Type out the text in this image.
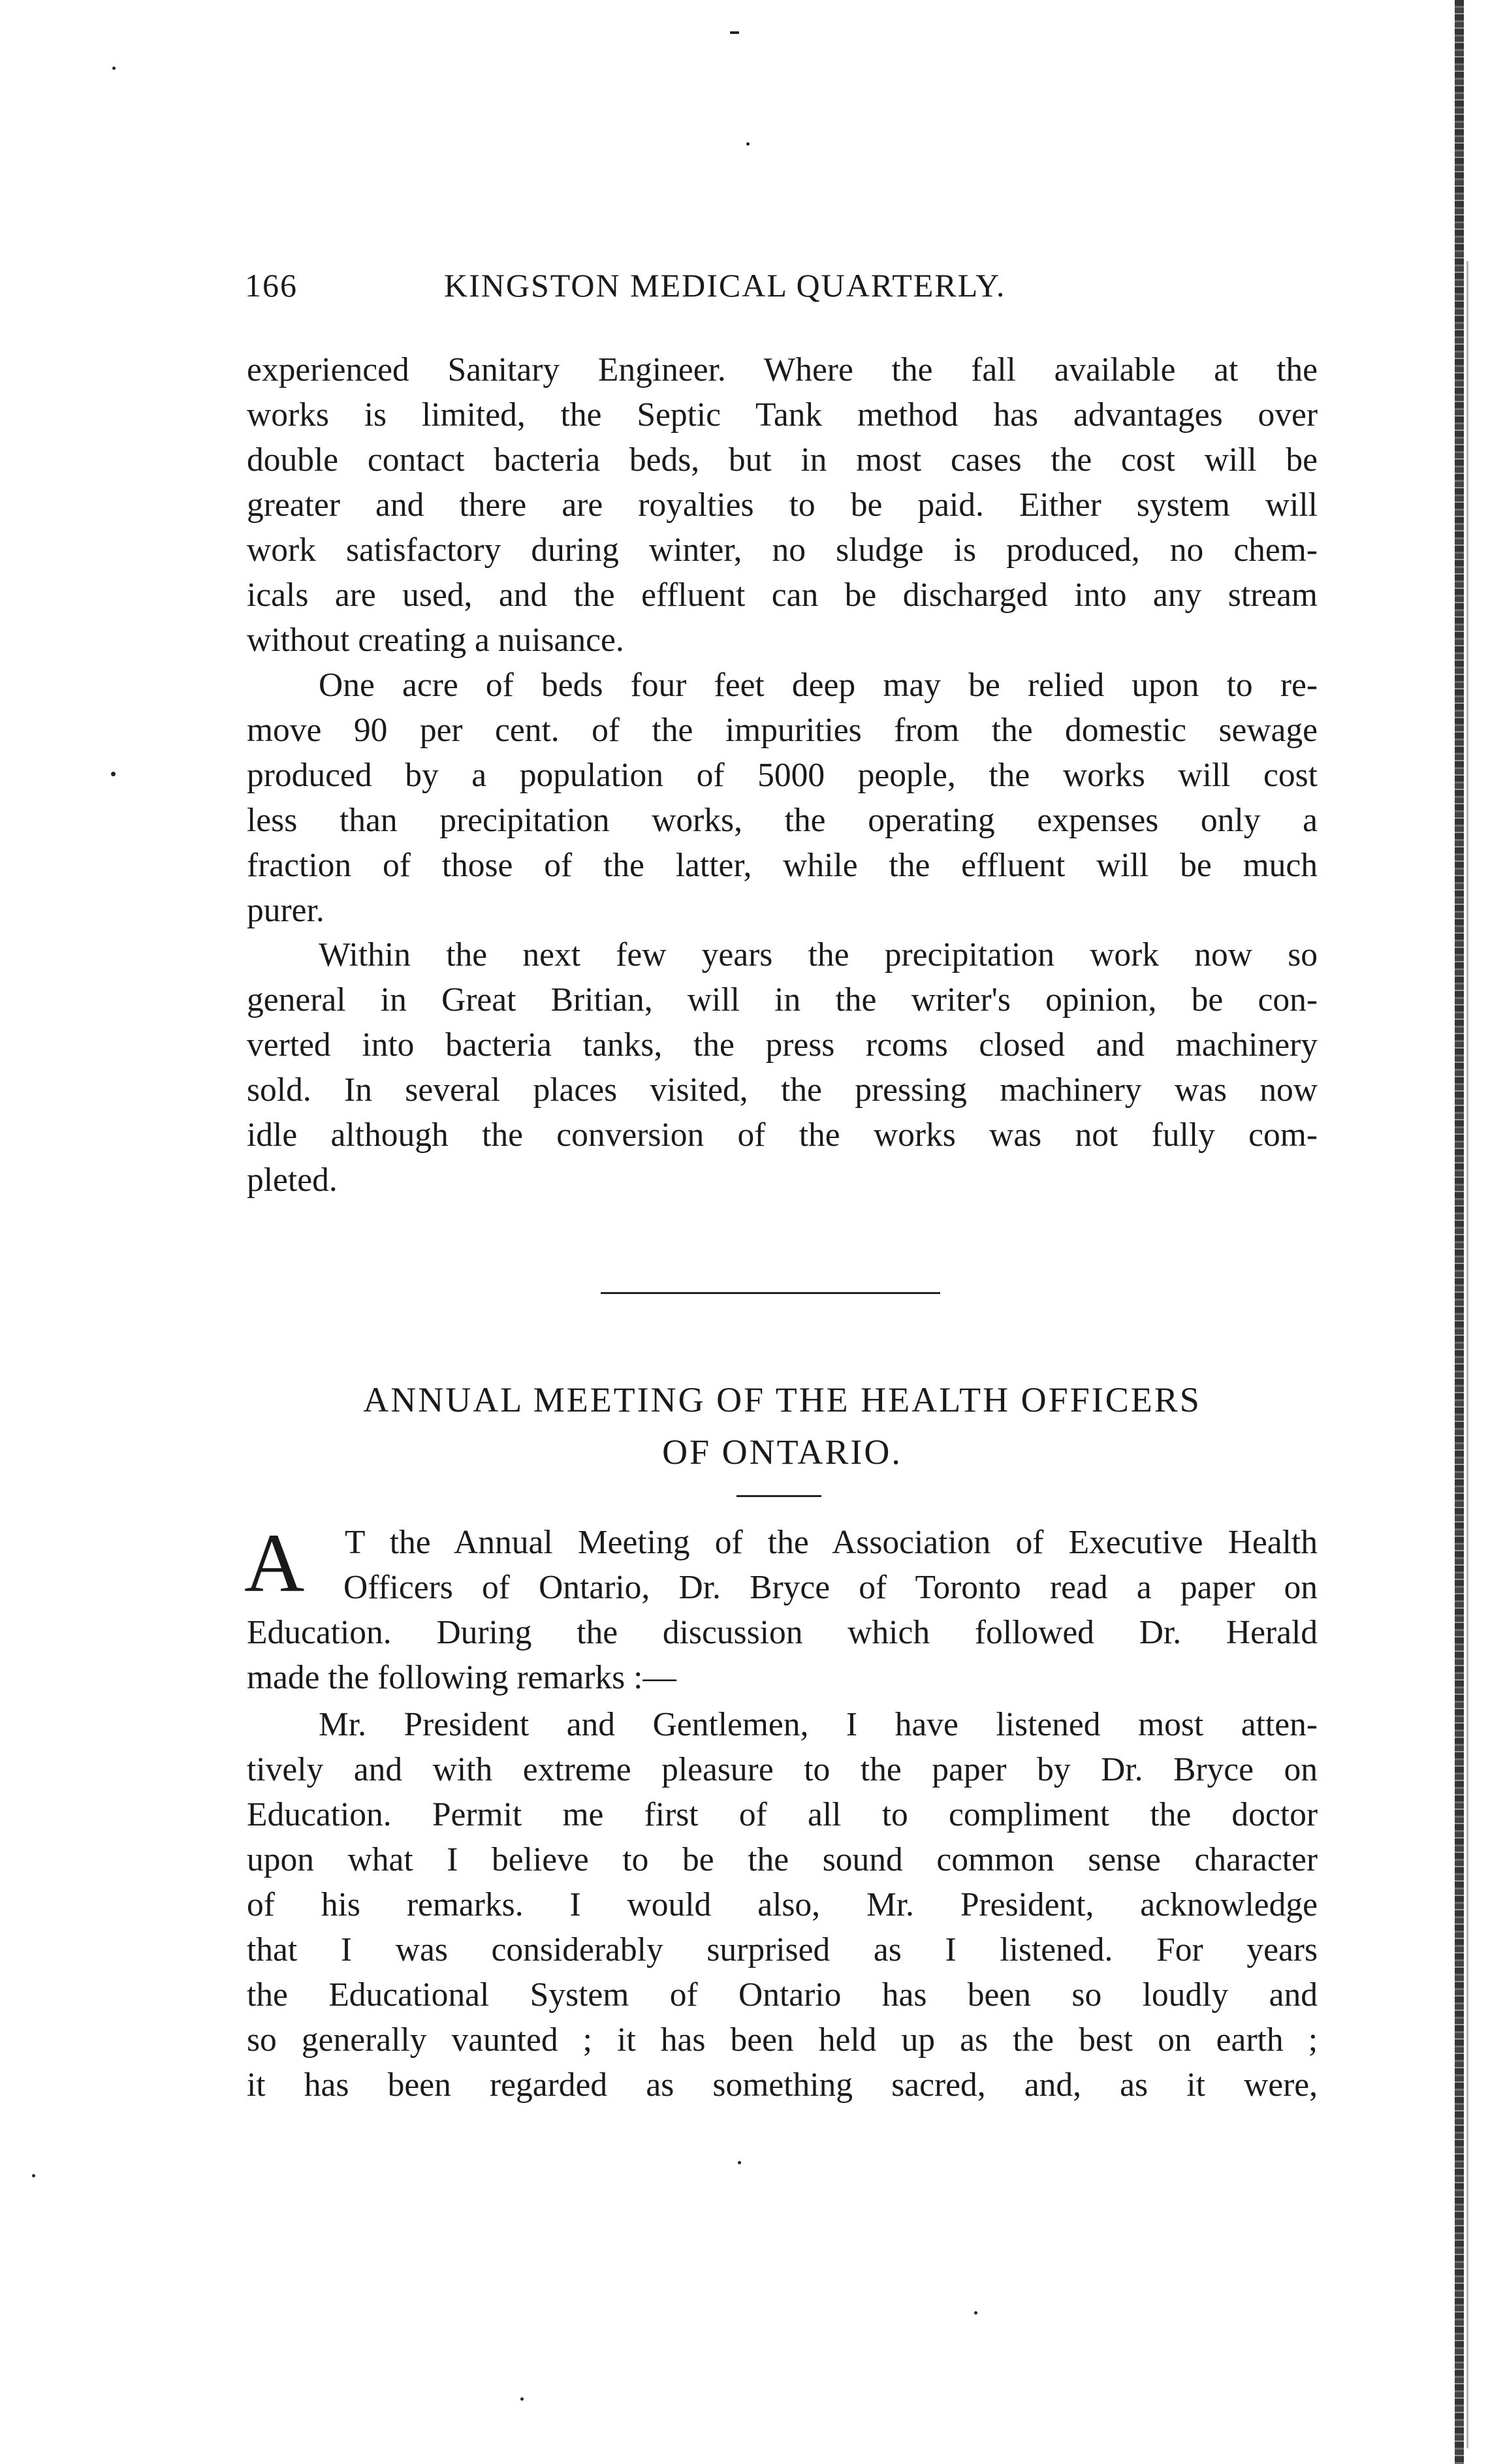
166	KINGSTON MEDICAL QUARTERLY.
experienced Sanitary Engineer. Where the fall available at the
works is limited, the Septic Tank method has advantages over
double contact bacteria beds, but in most cases the cost will be
greater and there are royalties to be paid. Either system will
work satisfactory during winter, no sludge is produced, no chem-
icals are used, and the effluent can be discharged into any stream
without creating a nuisance.
One acre of beds four feet deep may be relied upon to re-
move 90 per cent. of the impurities from the domestic sewage
produced by a population of 5000 people, the works will cost
less than precipitation works, the operating expenses only a
fraction of those of the latter, while the effluent will be much
purer.
Within the next few years the precipitation work now so
general in Great Britian, will in the writer's opinion, be con-
verted into bacteria tanks, the press rcoms closed and machinery
sold. In several places visited, the pressing machinery was now
idle although the conversion of the works was not fully com-
pleted.
ANNUAL MEETING OF THE HEALTH OFFICERS
OF ONTARIO.
A	T the Annual Meeting of the Association of Executive Health
Officers of Ontario, Dr. Bryce of Toronto read a paper on
Education. During the discussion which followed Dr. Herald
made the following remarks :—
Mr. President and Gentlemen, I have listened most atten-
tively and with extreme pleasure to the paper by Dr. Bryce on
Education. Permit me first of all to compliment the doctor
upon what I believe to be the sound common sense character
of his remarks. I would also, Mr. President, acknowledge
that I was considerably surprised as I listened. For years
the Educational System of Ontario has been so loudly and
so generally vaunted ; it has been held up as the best on earth ;
it has been regarded as something sacred, and, as it were,
